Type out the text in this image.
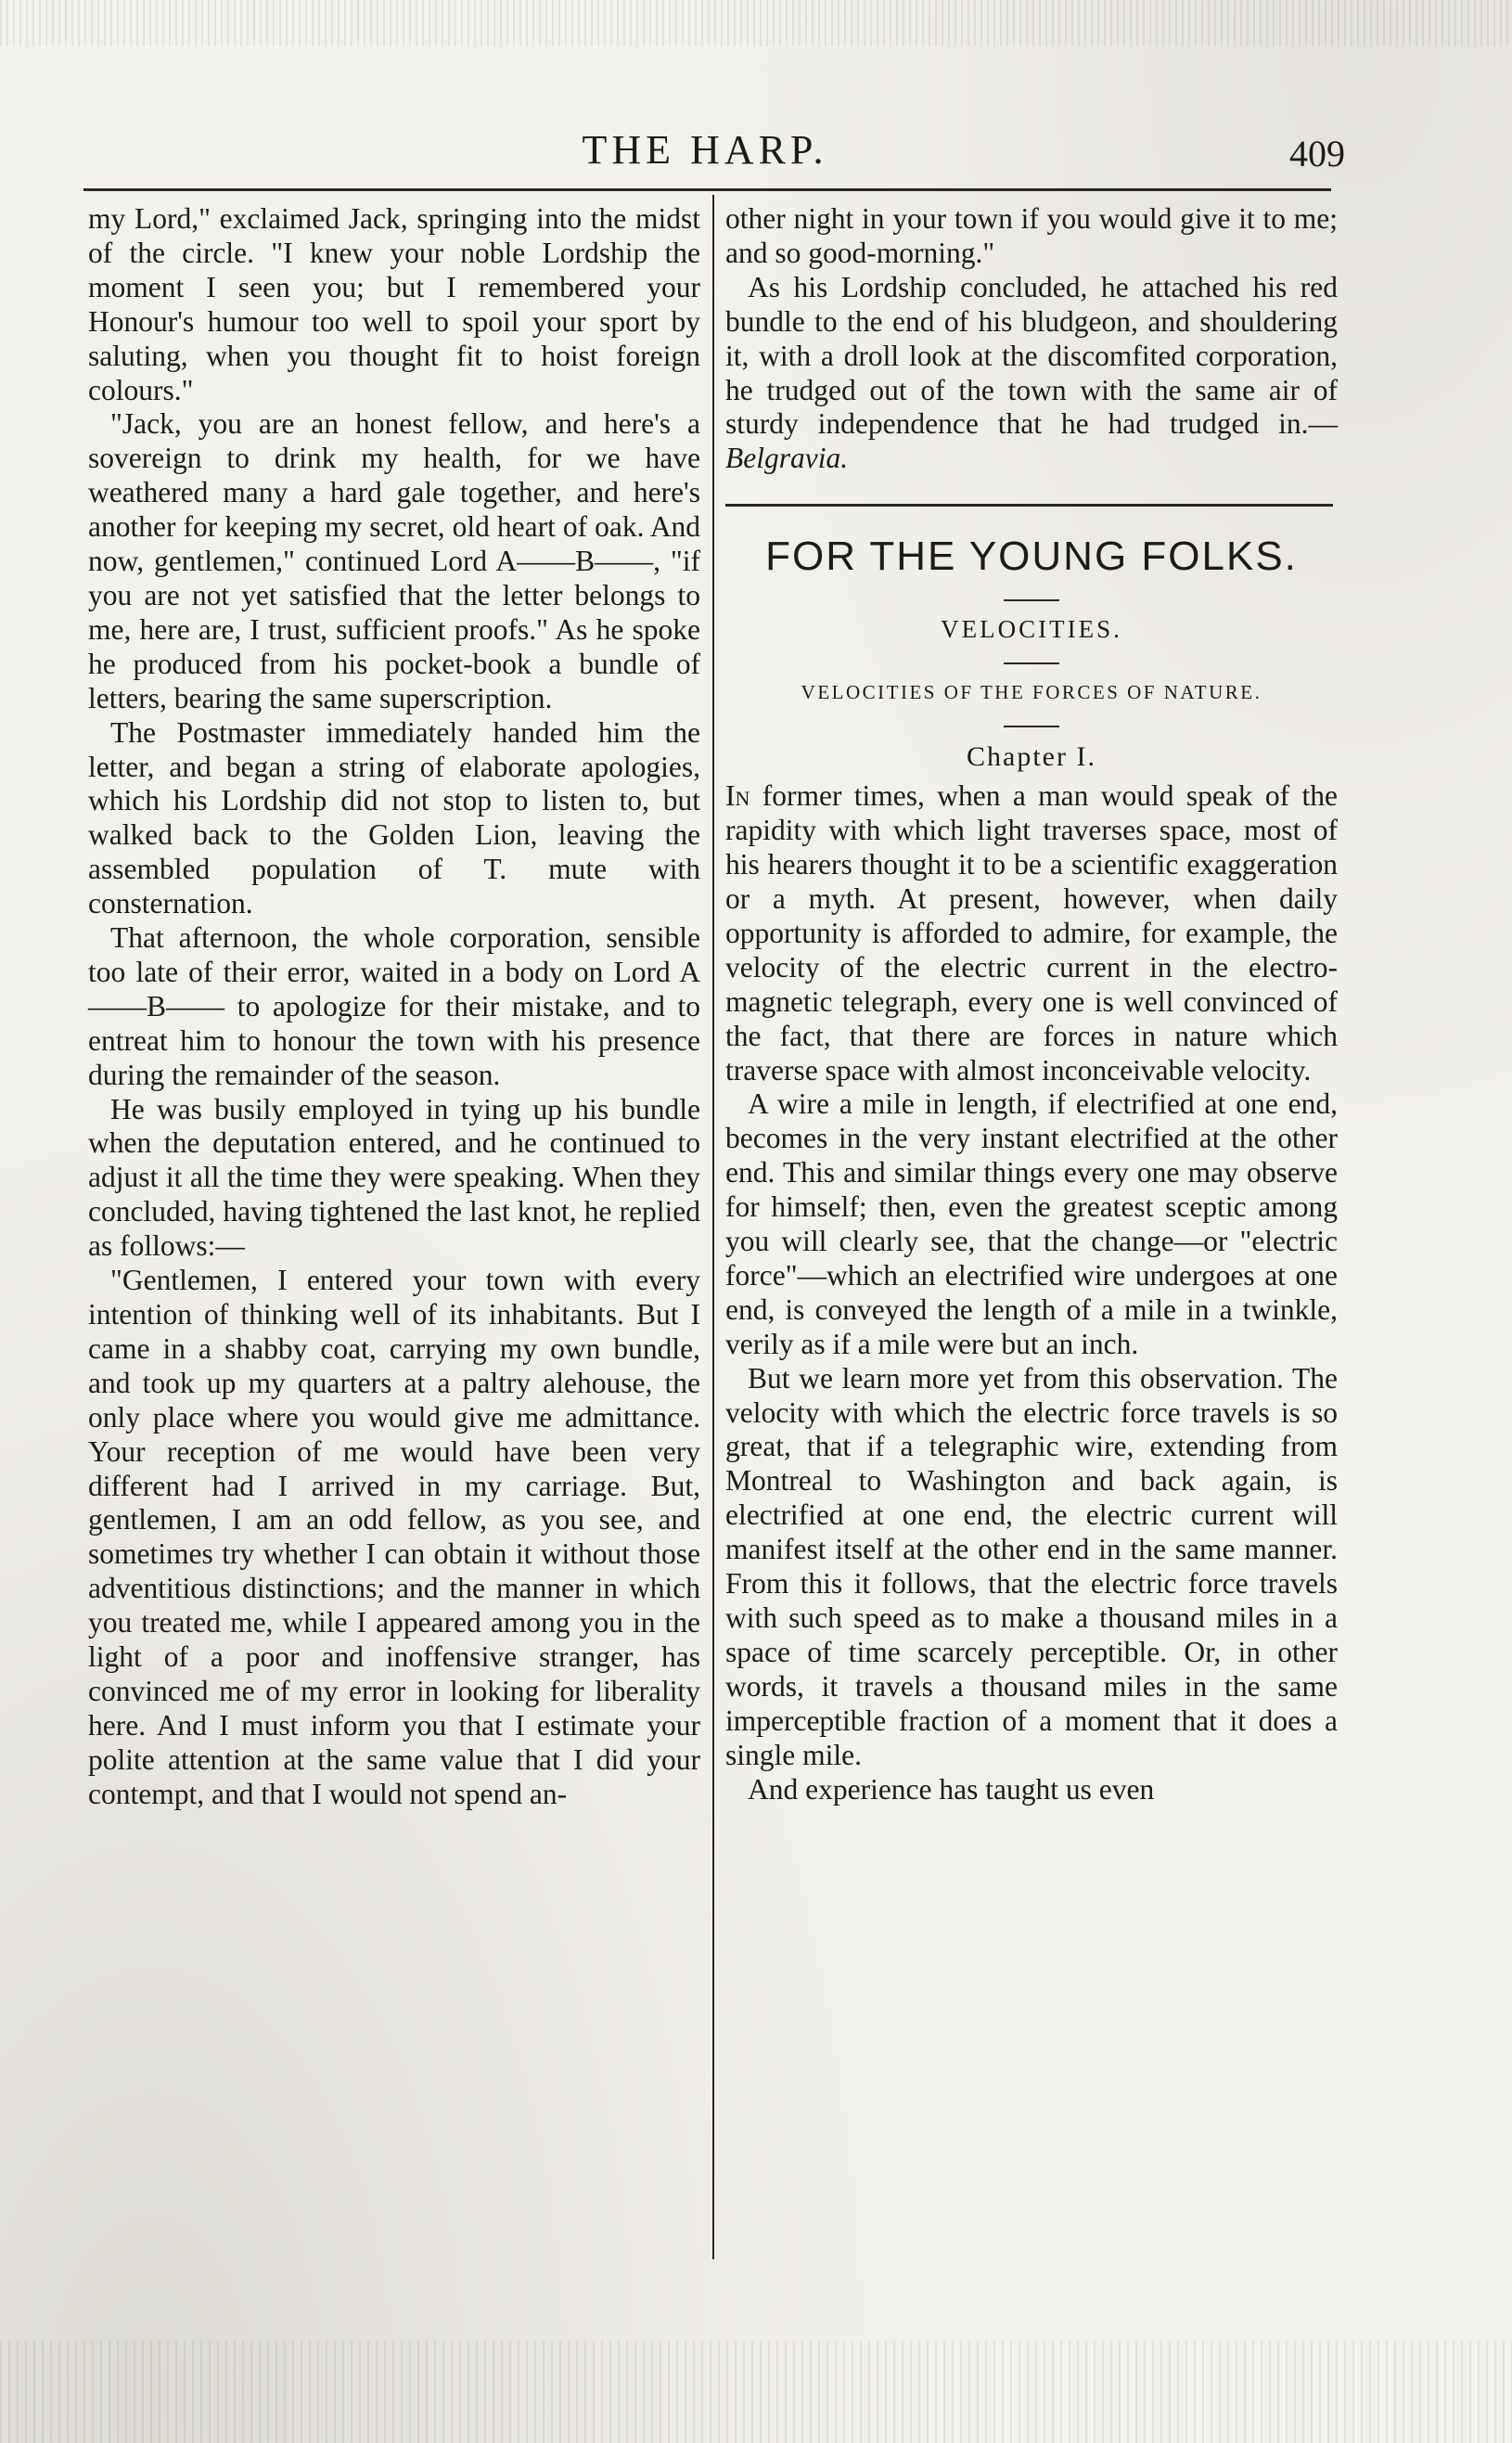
THE HARP.	409

my Lord," exclaimed Jack, springing into the midst of the circle. "I knew your noble Lordship the moment I seen you; but I remembered your Honour's humour too well to spoil your sport by saluting, when you thought fit to hoist foreign colours."

"Jack, you are an honest fellow, and here's a sovereign to drink my health, for we have weathered many a hard gale together, and here's another for keeping my secret, old heart of oak. And now, gentlemen," continued Lord A——B——, "if you are not yet satisfied that the letter belongs to me, here are, I trust, sufficient proofs." As he spoke he produced from his pocket-book a bundle of letters, bearing the same superscription.

The Postmaster immediately handed him the letter, and began a string of elaborate apologies, which his Lordship did not stop to listen to, but walked back to the Golden Lion, leaving the assembled population of T. mute with consternation.

That afternoon, the whole corporation, sensible too late of their error, waited in a body on Lord A——B—— to apologize for their mistake, and to entreat him to honour the town with his presence during the remainder of the season.

He was busily employed in tying up his bundle when the deputation entered, and he continued to adjust it all the time they were speaking. When they concluded, having tightened the last knot, he replied as follows:—

"Gentlemen, I entered your town with every intention of thinking well of its inhabitants. But I came in a shabby coat, carrying my own bundle, and took up my quarters at a paltry alehouse, the only place where you would give me admittance. Your reception of me would have been very different had I arrived in my carriage. But, gentlemen, I am an odd fellow, as you see, and sometimes try whether I can obtain it without those adventitious distinctions; and the manner in which you treated me, while I appeared among you in the light of a poor and inoffensive stranger, has convinced me of my error in looking for liberality here. And I must inform you that I estimate your polite attention at the same value that I did your contempt, and that I would not spend an-

other night in your town if you would give it to me; and so good-morning."

As his Lordship concluded, he attached his red bundle to the end of his bludgeon, and shouldering it, with a droll look at the discomfited corporation, he trudged out of the town with the same air of sturdy independence that he had trudged in.—Belgravia.

FOR THE YOUNG FOLKS.
VELOCITIES.
VELOCITIES OF THE FORCES OF NATURE.
Chapter I.

In former times, when a man would speak of the rapidity with which light traverses space, most of his hearers thought it to be a scientific exaggeration or a myth. At present, however, when daily opportunity is afforded to admire, for example, the velocity of the electric current in the electro-magnetic telegraph, every one is well convinced of the fact, that there are forces in nature which traverse space with almost inconceivable velocity.

A wire a mile in length, if electrified at one end, becomes in the very instant electrified at the other end. This and similar things every one may observe for himself; then, even the greatest sceptic among you will clearly see, that the change—or "electric force"—which an electrified wire undergoes at one end, is conveyed the length of a mile in a twinkle, verily as if a mile were but an inch.

But we learn more yet from this observation. The velocity with which the electric force travels is so great, that if a telegraphic wire, extending from Montreal to Washington and back again, is electrified at one end, the electric current will manifest itself at the other end in the same manner. From this it follows, that the electric force travels with such speed as to make a thousand miles in a space of time scarcely perceptible. Or, in other words, it travels a thousand miles in the same imperceptible fraction of a moment that it does a single mile.

And experience has taught us even
